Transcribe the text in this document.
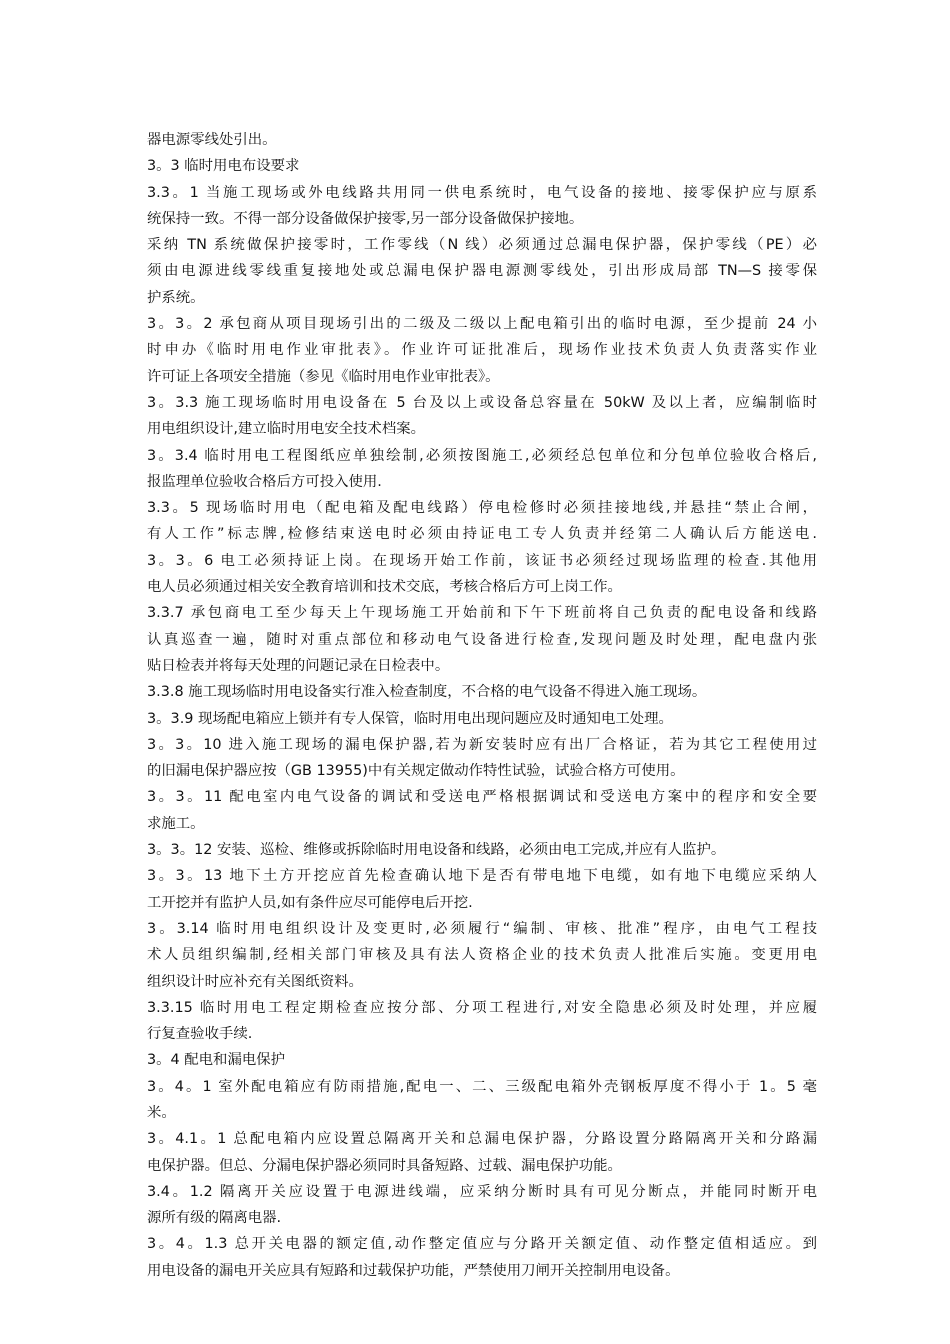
器电源零线处引出。
3。3 临时用电布设要求
3.3。1 当施工现场或外电线路共用同一供电系统时，电气设备的接地、接零保护应与原系
统保持一致。不得一部分设备做保护接零,另一部分设备做保护接地。
采纳 TN 系统做保护接零时，工作零线（N 线）必须通过总漏电保护器，保护零线（PE）必
须由电源进线零线重复接地处或总漏电保护器电源测零线处，引出形成局部 TN—S 接零保
护系统。
3。3。2 承包商从项目现场引出的二级及二级以上配电箱引出的临时电源，至少提前 24 小
时申办《临时用电作业审批表》。作业许可证批准后，现场作业技术负责人负责落实作业
许可证上各项安全措施（参见《临时用电作业审批表》。
3。3.3 施工现场临时用电设备在 5 台及以上或设备总容量在 50kW 及以上者，应编制临时
用电组织设计,建立临时用电安全技术档案。
3。3.4 临时用电工程图纸应单独绘制,必须按图施工,必须经总包单位和分包单位验收合格后,
报监理单位验收合格后方可投入使用.
3.3。5 现场临时用电（配电箱及配电线路）停电检修时必须挂接地线,并悬挂“禁止合闸，
有人工作”标志牌,检修结束送电时必须由持证电工专人负责并经第二人确认后方能送电.
3。3。6 电工必须持证上岗。在现场开始工作前，该证书必须经过现场监理的检查.其他用
电人员必须通过相关安全教育培训和技术交底，考核合格后方可上岗工作。
3.3.7 承包商电工至少每天上午现场施工开始前和下午下班前将自己负责的配电设备和线路
认真巡查一遍，随时对重点部位和移动电气设备进行检查,发现问题及时处理，配电盘内张
贴日检表并将每天处理的问题记录在日检表中。
3.3.8 施工现场临时用电设备实行准入检查制度，不合格的电气设备不得进入施工现场。
3。3.9 现场配电箱应上锁并有专人保管，临时用电出现问题应及时通知电工处理。
3。3。10 进入施工现场的漏电保护器,若为新安装时应有出厂合格证，若为其它工程使用过
的旧漏电保护器应按（GB 13955)中有关规定做动作特性试验，试验合格方可使用。
3。3。11 配电室内电气设备的调试和受送电严格根据调试和受送电方案中的程序和安全要
求施工。
3。3。12 安装、巡检、维修或拆除临时用电设备和线路，必须由电工完成,并应有人监护。
3。3。13 地下土方开挖应首先检查确认地下是否有带电地下电缆，如有地下电缆应采纳人
工开挖并有监护人员,如有条件应尽可能停电后开挖.
3。3.14 临时用电组织设计及变更时,必须履行“编制、审核、批准”程序，由电气工程技
术人员组织编制,经相关部门审核及具有法人资格企业的技术负责人批准后实施。变更用电
组织设计时应补充有关图纸资料。
3.3.15 临时用电工程定期检查应按分部、分项工程进行,对安全隐患必须及时处理，并应履
行复查验收手续.
3。4 配电和漏电保护
3。4。1 室外配电箱应有防雨措施,配电一、二、三级配电箱外壳钢板厚度不得小于 1。5 毫
米。
3。4.1。1 总配电箱内应设置总隔离开关和总漏电保护器，分路设置分路隔离开关和分路漏
电保护器。但总、分漏电保护器必须同时具备短路、过载、漏电保护功能。
3.4。1.2 隔离开关应设置于电源进线端，应采纳分断时具有可见分断点，并能同时断开电
源所有级的隔离电器.
3。4。1.3 总开关电器的额定值,动作整定值应与分路开关额定值、动作整定值相适应。到
用电设备的漏电开关应具有短路和过载保护功能，严禁使用刀闸开关控制用电设备。
